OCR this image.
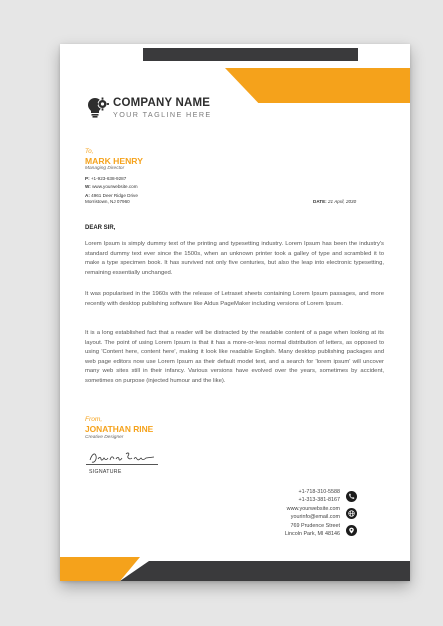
COMPANY NAME
YOUR TAGLINE HERE
To,
MARK HENRY
Managing Director
P: +1-923-638-9287
W: www.yourwebsite.com
A: 4961 Deer Ridge Drive
Morristown, NJ 07960	DATE: 21 April, 2030
DEAR SIR,

Lorem Ipsum is simply dummy text of the printing and typesetting industry. Lorem Ipsum has been the industry's standard dummy text ever since the 1500s, when an unknown printer took a galley of type and scrambled it to make a type specimen book. It has survived not only five centuries, but also the leap into electronic typesetting, remaining essentially unchanged.

It was popularised in the 1960s with the release of Letraset sheets containing Lorem Ipsum passages, and more recently with desktop publishing software like Aldus PageMaker including versions of Lorem Ipsum.

It is a long established fact that a reader will be distracted by the readable content of a page when looking at its layout. The point of using Lorem Ipsum is that it has a more-or-less normal distribution of letters, as opposed to using 'Content here, content here', making it look like readable English. Many desktop publishing packages and web page editors now use Lorem Ipsum as their default model text, and a search for 'lorem ipsum' will uncover many web sites still in their infancy. Various versions have evolved over the years, sometimes by accident, sometimes on purpose (injected humour and the like).

From,
JONATHAN RINE
Creative Designer
SIGNATURE
+1-718-310-5588
+1-313-381-8167
www.yourwebsite.com
yourinfo@email.com
769 Prudence Street
Lincoln Park, MI 48146
